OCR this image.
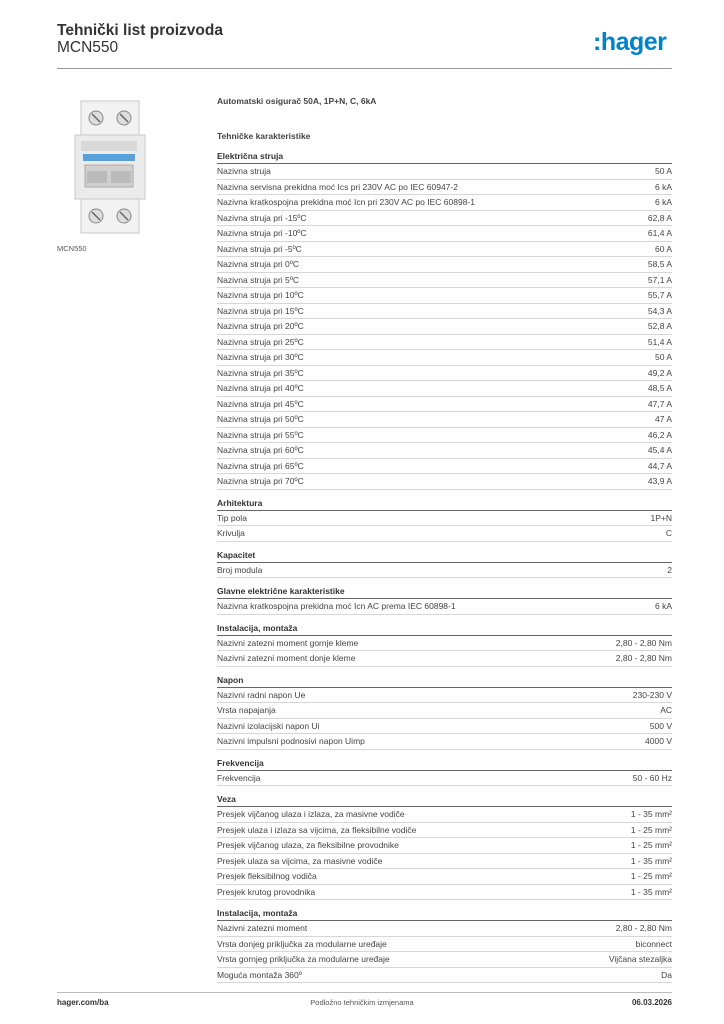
Tehnički list proizvoda
MCN550	:hager
MCN550
Automatski osigurač 50A, 1P+N, C, 6kA
Tehničke karakteristike
Električna struja
Nazivna struja	50 A
Nazivna servisna prekidna moć Ics pri 230V AC po IEC 60947-2	6 kA
Nazivna kratkospojna prekidna moć Icn pri 230V AC po IEC 60898-1	6 kA
Nazivna struja pri -15ºC	62,8 A
Nazivna struja pri -10ºC	61,4 A
Nazivna struja pri -5ºC	60 A
Nazivna struja pri 0ºC	58,5 A
Nazivna struja pri 5ºC	57,1 A
Nazivna struja pri 10ºC	55,7 A
Nazivna struja pri 15ºC	54,3 A
Nazivna struja pri 20ºC	52,8 A
Nazivna struja pri 25ºC	51,4 A
Nazivna struja pri 30ºC	50 A
Nazivna struja pri 35ºC	49,2 A
Nazivna struja pri 40ºC	48,5 A
Nazivna struja pri 45ºC	47,7 A
Nazivna struja pri 50ºC	47 A
Nazivna struja pri 55ºC	46,2 A
Nazivna struja pri 60ºC	45,4 A
Nazivna struja pri 65ºC	44,7 A
Nazivna struja pri 70ºC	43,9 A
Arhitektura
Tip pola	1P+N
Krivulja	C
Kapacitet
Broj modula	2
Glavne električne karakteristike
Nazivna kratkospojna prekidna moć Icn AC prema IEC 60898-1	6 kA
Instalacija, montaža
Nazivni zatezni moment gornje kleme	2,80 - 2,80 Nm
Nazivni zatezni moment donje kleme	2,80 - 2,80 Nm
Napon
Nazivni radni napon Ue	230-230 V
Vrsta napajanja	AC
Nazivni izolacijski napon Ui	500 V
Nazivni impulsni podnosivi napon Uimp	4000 V
Frekvencija
Frekvencija	50 - 60 Hz
Veza
Presjek vijčanog ulaza i izlaza, za masivne vodiče	1 - 35 mm²
Presjek ulaza i izlaza sa vijcima, za fleksibilne vodiče	1 - 25 mm²
Presjek vijčanog ulaza, za fleksibilne provodnike	1 - 25 mm²
Presjek ulaza sa vijcima, za masivne vodiče	1 - 35 mm²
Presjek fleksibilnog vodiča	1 - 25 mm²
Presjek krutog provodnika	1 - 35 mm²
Instalacija, montaža
Nazivni zatezni moment	2,80 - 2,80 Nm
Vrsta donjeg priključka za modularne uređaje	biconnect
Vrsta gornjeg priključka za modularne uređaje	Vijčana stezaljka
Moguća montaža 360º	Da
hager.com/ba	Podložno tehničkim izmjenama	06.03.2026
